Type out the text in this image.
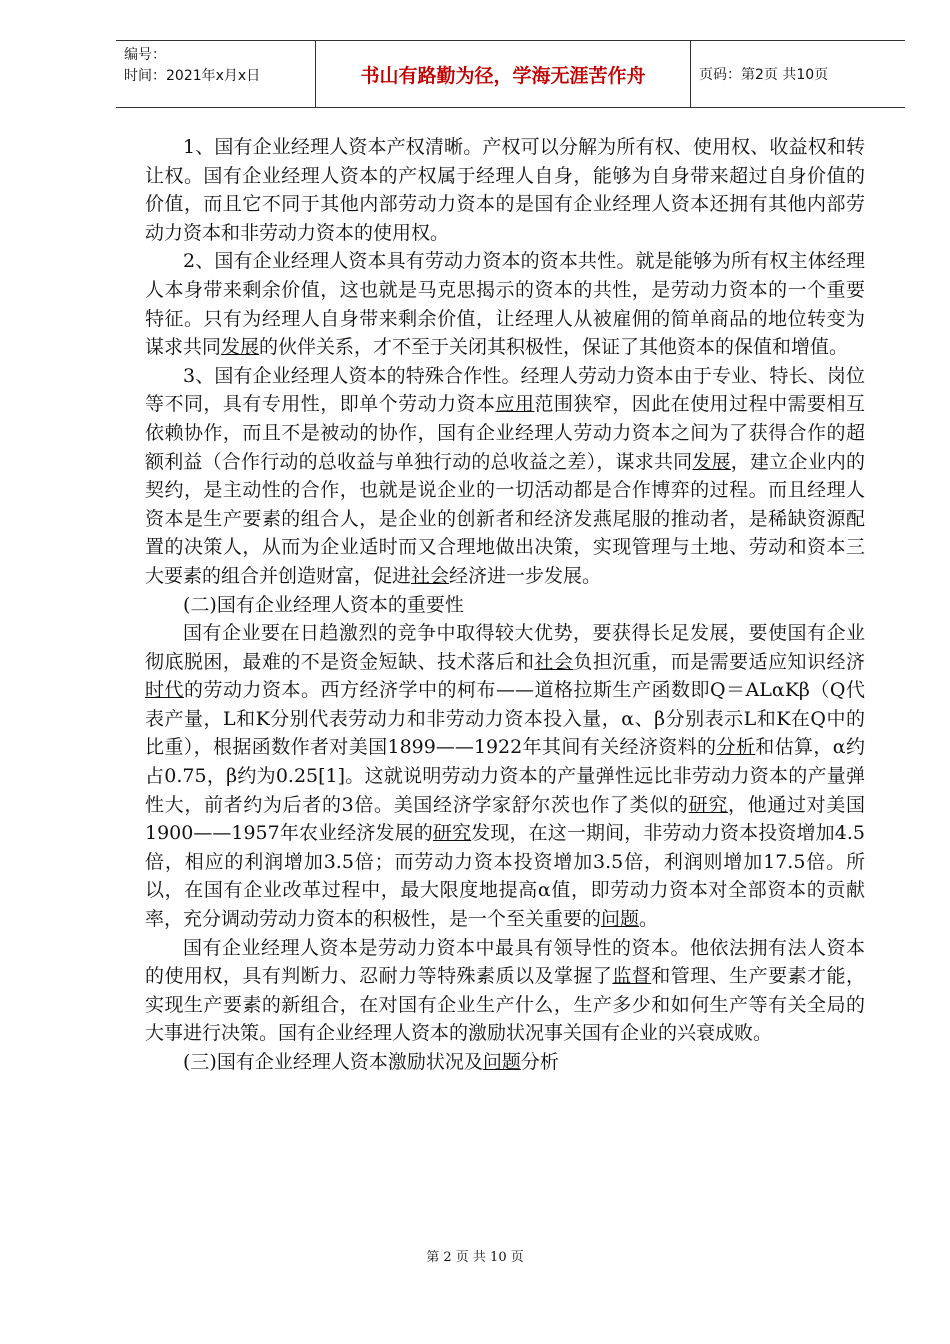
编号：
时间：2021年x月x日	书山有路勤为径，学海无涯苦作舟	页码：第2页 共10页

1、国有企业经理人资本产权清晰。产权可以分解为所有权、使用权、收益权和转让权。国有企业经理人资本的产权属于经理人自身，能够为自身带来超过自身价值的价值，而且它不同于其他内部劳动力资本的是国有企业经理人资本还拥有其他内部劳动力资本和非劳动力资本的使用权。

2、国有企业经理人资本具有劳动力资本的资本共性。就是能够为所有权主体经理人本身带来剩余价值，这也就是马克思揭示的资本的共性，是劳动力资本的一个重要特征。只有为经理人自身带来剩余价值，让经理人从被雇佣的简单商品的地位转变为谋求共同发展的伙伴关系，才不至于关闭其积极性，保证了其他资本的保值和增值。

3、国有企业经理人资本的特殊合作性。经理人劳动力资本由于专业、特长、岗位等不同，具有专用性，即单个劳动力资本应用范围狭窄，因此在使用过程中需要相互依赖协作，而且不是被动的协作，国有企业经理人劳动力资本之间为了获得合作的超额利益（合作行动的总收益与单独行动的总收益之差），谋求共同发展，建立企业内的契约，是主动性的合作，也就是说企业的一切活动都是合作博弈的过程。而且经理人资本是生产要素的组合人，是企业的创新者和经济发燕尾服的推动者，是稀缺资源配置的决策人，从而为企业适时而又合理地做出决策，实现管理与土地、劳动和资本三大要素的组合并创造财富，促进社会经济进一步发展。

(二)国有企业经理人资本的重要性

国有企业要在日趋激烈的竞争中取得较大优势，要获得长足发展，要使国有企业彻底脱困，最难的不是资金短缺、技术落后和社会负担沉重，而是需要适应知识经济时代的劳动力资本。西方经济学中的柯布——道格拉斯生产函数即Q＝ALαKβ（Q代表产量，L和K分别代表劳动力和非劳动力资本投入量，α、β分别表示L和K在Q中的比重），根据函数作者对美国1899——1922年其间有关经济资料的分析和估算，α约占0.75，β约为0.25[1]。这就说明劳动力资本的产量弹性远比非劳动力资本的产量弹性大，前者约为后者的3倍。美国经济学家舒尔茨也作了类似的研究，他通过对美国1900——1957年农业经济发展的研究发现，在这一期间，非劳动力资本投资增加4.5倍，相应的利润增加3.5倍；而劳动力资本投资增加3.5倍，利润则增加17.5倍。所以，在国有企业改革过程中，最大限度地提高α值，即劳动力资本对全部资本的贡献率，充分调动劳动力资本的积极性，是一个至关重要的问题。

国有企业经理人资本是劳动力资本中最具有领导性的资本。他依法拥有法人资本的使用权，具有判断力、忍耐力等特殊素质以及掌握了监督和管理、生产要素才能，实现生产要素的新组合，在对国有企业生产什么，生产多少和如何生产等有关全局的大事进行决策。国有企业经理人资本的激励状况事关国有企业的兴衰成败。

(三)国有企业经理人资本激励状况及问题分析

第 2 页 共 10 页
